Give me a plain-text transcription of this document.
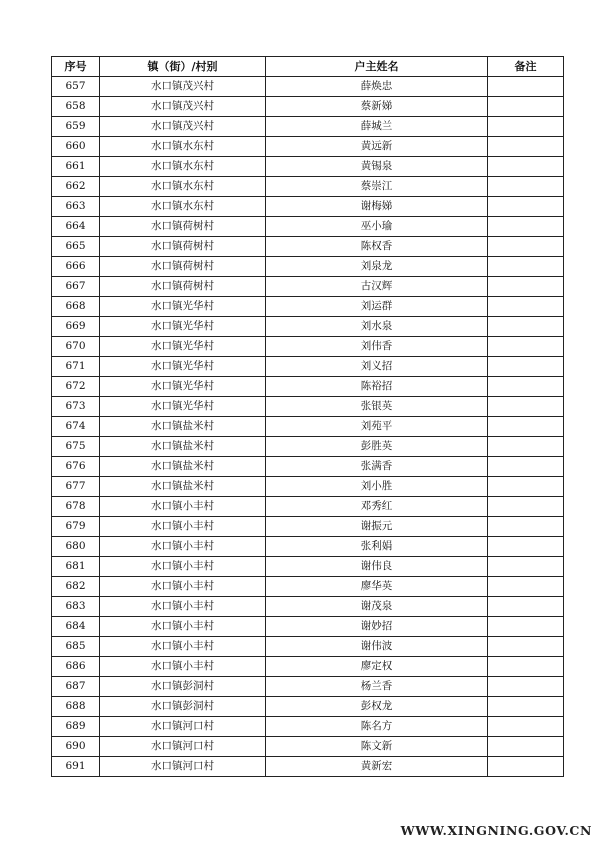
序号	镇（街）/村别	户主姓名	备注
657	水口镇茂兴村	薛焕忠	
658	水口镇茂兴村	蔡新娣	
659	水口镇茂兴村	薛城兰	
660	水口镇水东村	黄远新	
661	水口镇水东村	黄锡泉	
662	水口镇水东村	蔡崇江	
663	水口镇水东村	谢梅娣	
664	水口镇荷树村	巫小瑜	
665	水口镇荷树村	陈权香	
666	水口镇荷树村	刘泉龙	
667	水口镇荷树村	古汉辉	
668	水口镇光华村	刘运群	
669	水口镇光华村	刘水泉	
670	水口镇光华村	刘伟香	
671	水口镇光华村	刘义招	
672	水口镇光华村	陈裕招	
673	水口镇光华村	张银英	
674	水口镇盐米村	刘苑平	
675	水口镇盐米村	彭胜英	
676	水口镇盐米村	张满香	
677	水口镇盐米村	刘小胜	
678	水口镇小丰村	邓秀红	
679	水口镇小丰村	谢振元	
680	水口镇小丰村	张利娟	
681	水口镇小丰村	谢伟良	
682	水口镇小丰村	廖华英	
683	水口镇小丰村	谢茂泉	
684	水口镇小丰村	谢妙招	
685	水口镇小丰村	谢伟波	
686	水口镇小丰村	廖定权	
687	水口镇彭洞村	杨兰香	
688	水口镇彭洞村	彭权龙	
689	水口镇河口村	陈名方	
690	水口镇河口村	陈文新	
691	水口镇河口村	黄新宏	
WWW.XINGNING.GOV.CN
